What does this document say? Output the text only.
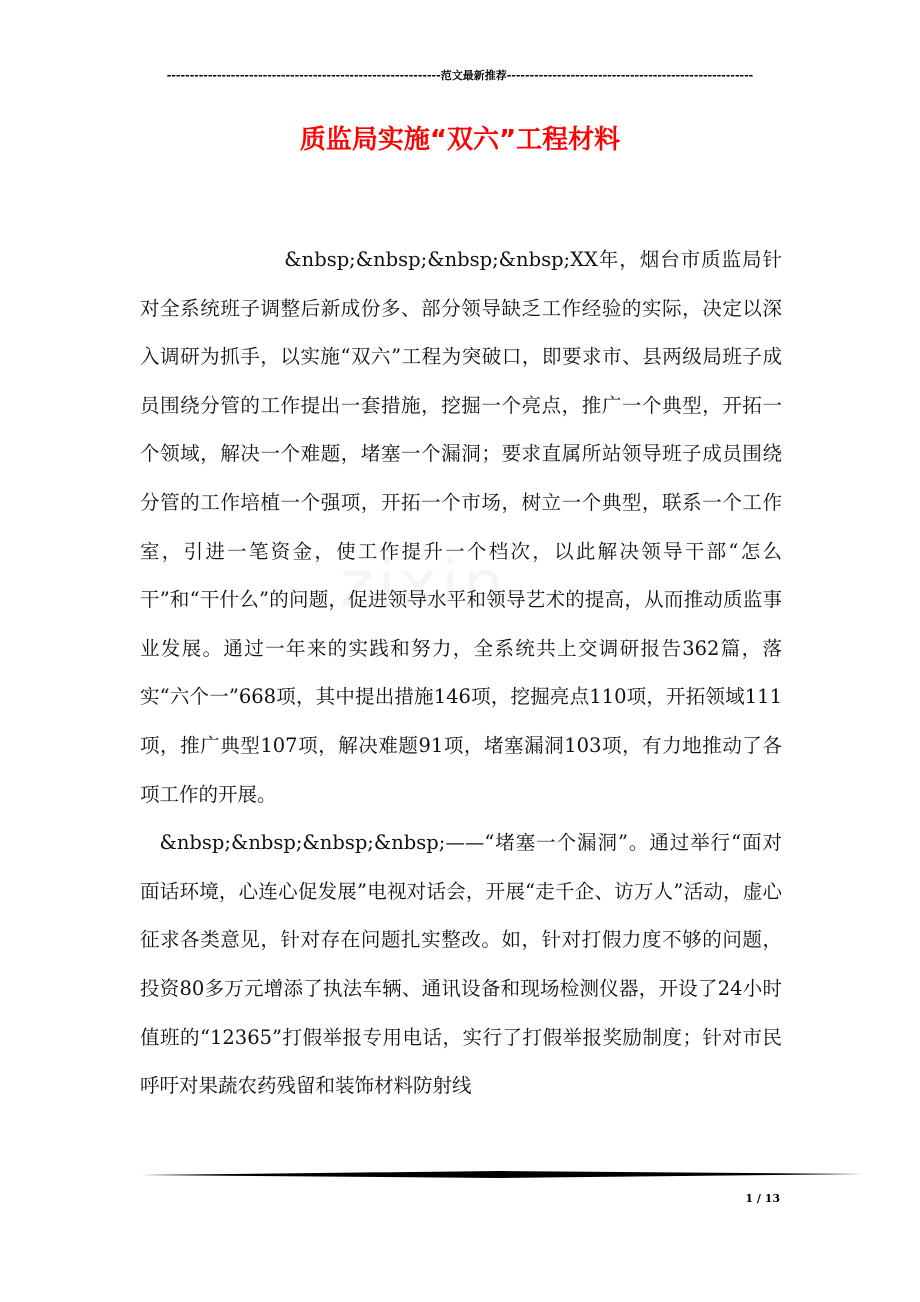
------------------------------------------------------------范文最新推荐------------------------------------------------------
质监局实施“双六”工程材料

&nbsp;&nbsp;&nbsp;&nbsp;XX年，烟台市质监局针对全系统班子调整后新成份多、部分领导缺乏工作经验的实际，决定以深入调研为抓手，以实施“双六”工程为突破口，即要求市、县两级局班子成员围绕分管的工作提出一套措施，挖掘一个亮点，推广一个典型，开拓一个领域，解决一个难题，堵塞一个漏洞；要求直属所站领导班子成员围绕分管的工作培植一个强项，开拓一个市场，树立一个典型，联系一个工作室，引进一笔资金，使工作提升一个档次，以此解决领导干部“怎么干”和“干什么”的问题，促进领导水平和领导艺术的提高，从而推动质监事业发展。通过一年来的实践和努力，全系统共上交调研报告362篇，落实“六个一”668项，其中提出措施146项，挖掘亮点110项，开拓领域111项，推广典型107项，解决难题91项，堵塞漏洞103项，有力地推动了各项工作的开展。

&nbsp;&nbsp;&nbsp;&nbsp;——“堵塞一个漏洞”。通过举行“面对面话环境，心连心促发展”电视对话会，开展“走千企、访万人”活动，虚心征求各类意见，针对存在问题扎实整改。如，针对打假力度不够的问题，投资80多万元增添了执法车辆、通讯设备和现场检测仪器，开设了24小时值班的“12365”打假举报专用电话，实行了打假举报奖励制度；针对市民呼吁对果蔬农药残留和装饰材料防射线

1 / 13
